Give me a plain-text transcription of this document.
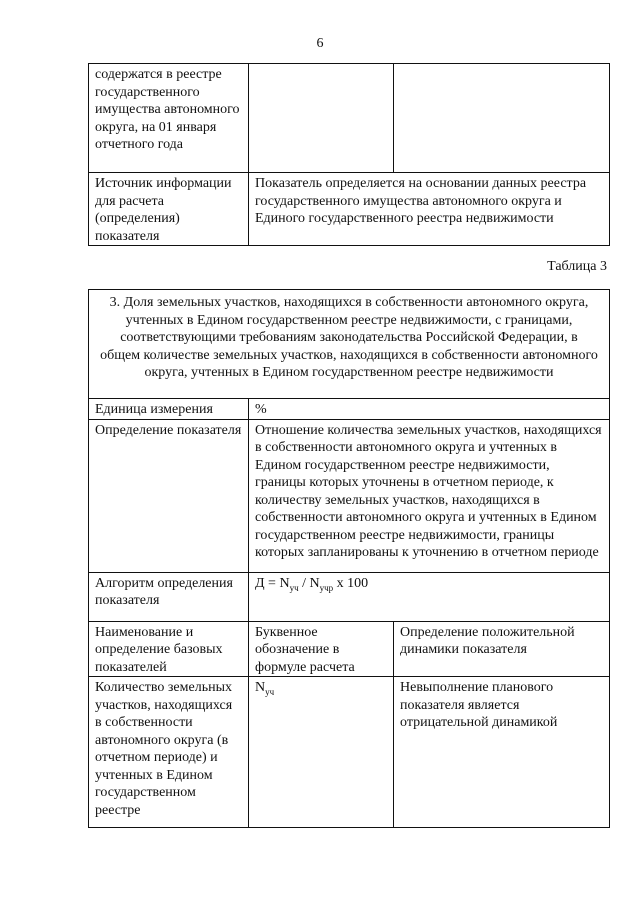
6
содержатся в реестре государственного имущества автономного округа, на 01 января отчетного года		
Источник информации для расчета (определения) показателя	Показатель определяется на основании данных реестра государственного имущества автономного округа и Единого государственного реестра недвижимости	
Таблица 3
3. Доля земельных участков, находящихся в собственности автономного округа, учтенных в Едином государственном реестре недвижимости, с границами, соответствующими требованиям законодательства Российской Федерации, в общем количестве земельных участков, находящихся в собственности автономного округа, учтенных в Едином государственном реестре недвижимости		
Единица измерения	%	
Определение показателя	Отношение количества земельных участков, находящихся в собственности автономного округа и учтенных в Едином государственном реестре недвижимости, границы которых уточнены в отчетном периоде, к количеству земельных участков, находящихся в собственности автономного округа и учтенных в Едином государственном реестре недвижимости, границы которых запланированы к уточнению в отчетном периоде	
Алгоритм определения показателя	$Д = N_{уч} / N_{учр}$ x 100	
Наименование и определение базовых показателей	Буквенное обозначение в формуле расчета	Определение положительной динамики показателя
Количество земельных участков, находящихся в собственности автономного округа (в отчетном периоде) и учтенных в Едином государственном реестре	$N_{уч}$	Невыполнение планового показателя является отрицательной динамикой
